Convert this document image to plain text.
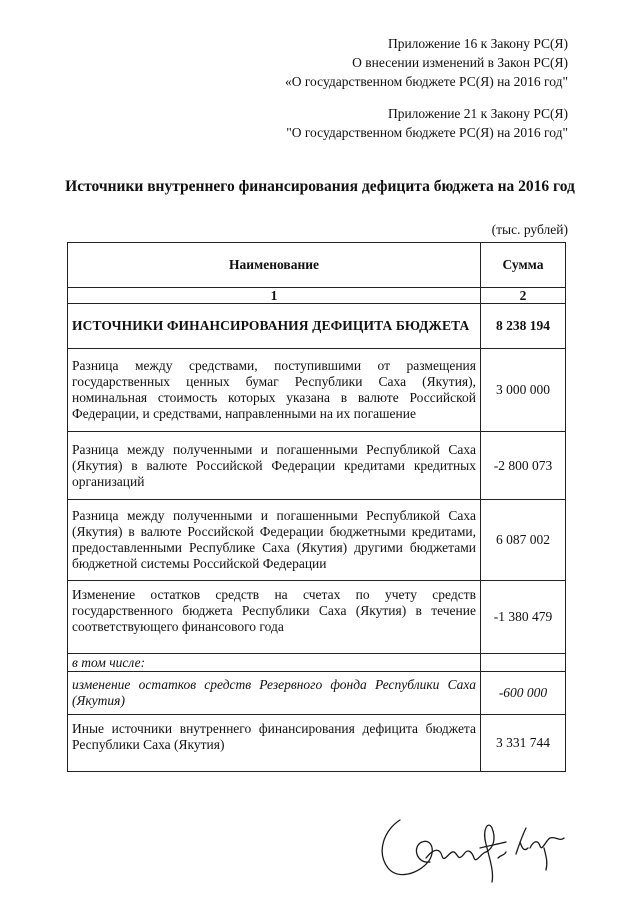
Приложение 16 к Закону РС(Я)
О внесении изменений в Закон РС(Я)
«О государственном бюджете РС(Я) на 2016 год"
Приложение 21 к Закону РС(Я)
"О государственном бюджете РС(Я) на 2016 год"
Источники внутреннего финансирования дефицита бюджета на 2016 год
(тыс. рублей)
Наименование	Сумма
1	2
ИСТОЧНИКИ ФИНАНСИРОВАНИЯ ДЕФИЦИТА БЮДЖЕТА	8 238 194
Разница между средствами, поступившими от размещения государственных ценных бумаг Республики Саха (Якутия), номинальная стоимость которых указана в валюте Российской Федерации, и средствами, направленными на их погашение	3 000 000
Разница между полученными и погашенными Республикой Саха (Якутия) в валюте Российской Федерации кредитами кредитных организаций	-2 800 073
Разница между полученными и погашенными Республикой Саха (Якутия) в валюте Российской Федерации бюджетными кредитами, предоставленными Республике Саха (Якутия) другими бюджетами бюджетной системы Российской Федерации	6 087 002
Изменение остатков средств на счетах по учету средств государственного бюджета Республики Саха (Якутия) в течение соответствующего финансового года	-1 380 479
в том числе:	
изменение остатков средств Резервного фонда Республики Саха (Якутия)	-600 000
Иные источники внутреннего финансирования дефицита бюджета Республики Саха (Якутия)	3 331 744
